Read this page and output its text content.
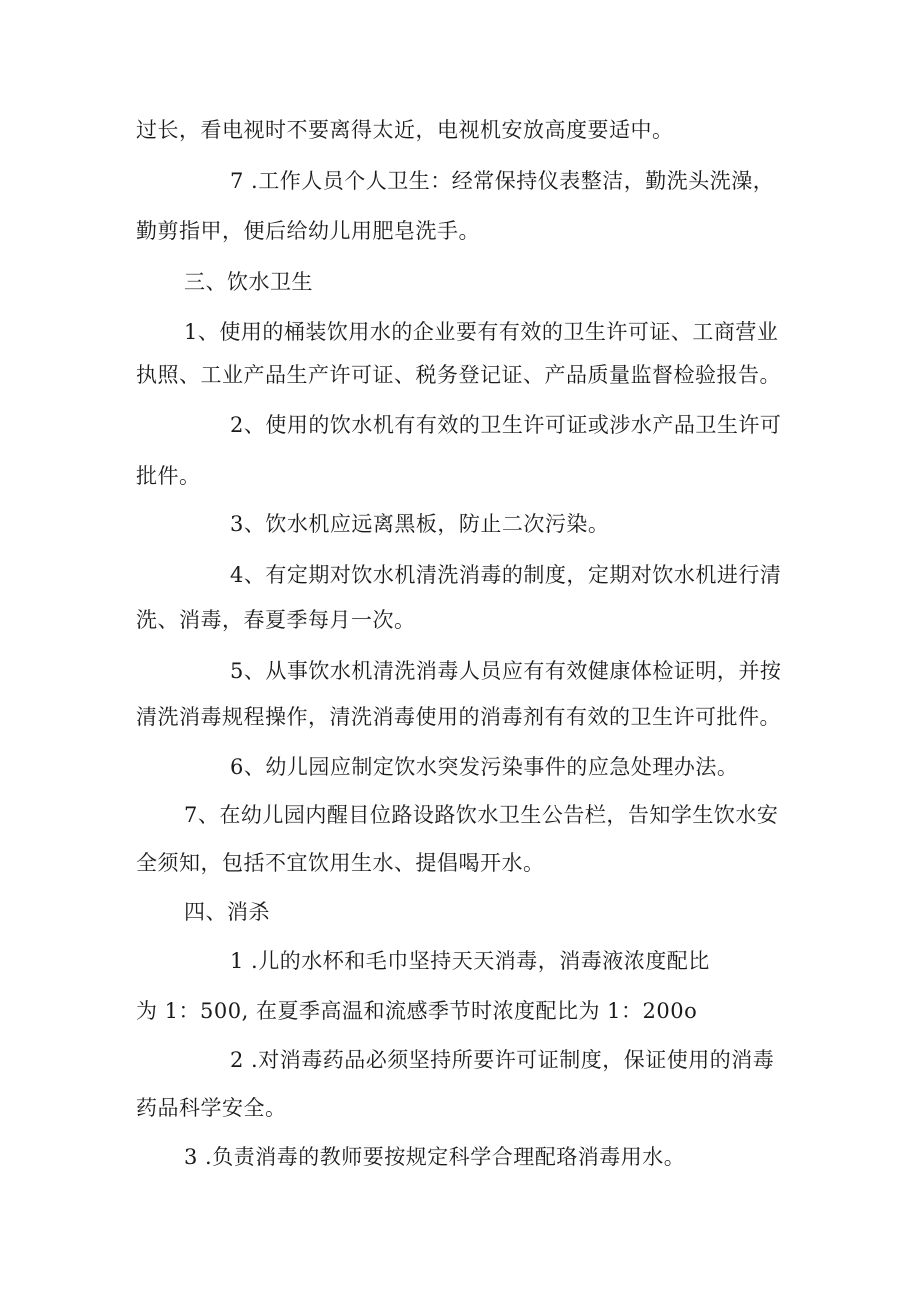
过长，看电视时不要离得太近，电视机安放高度要适中。
7 .工作人员个人卫生：经常保持仪表整洁，勤洗头洗澡，
勤剪指甲，便后给幼儿用肥皂洗手。
三、饮水卫生
1、使用的桶装饮用水的企业要有有效的卫生许可证、工商营业
执照、工业产品生产许可证、税务登记证、产品质量监督检验报告。
2、使用的饮水机有有效的卫生许可证或涉水产品卫生许可
批件。
3、饮水机应远离黑板，防止二次污染。
4、有定期对饮水机清洗消毒的制度，定期对饮水机进行清
洗、消毒，春夏季每月一次。
5、从事饮水机清洗消毒人员应有有效健康体检证明，并按
清洗消毒规程操作，清洗消毒使用的消毒剂有有效的卫生许可批件。
6、幼儿园应制定饮水突发污染事件的应急处理办法。
7、在幼儿园内醒目位路设路饮水卫生公告栏，告知学生饮水安
全须知，包括不宜饮用生水、提倡喝开水。
四、消杀
1 .儿的水杯和毛巾坚持天天消毒，消毒液浓度配比
为 1：500, 在夏季高温和流感季节时浓度配比为 1：200o
2 .对消毒药品必须坚持所要许可证制度，保证使用的消毒
药品科学安全。
3 .负责消毒的教师要按规定科学合理配珞消毒用水。
